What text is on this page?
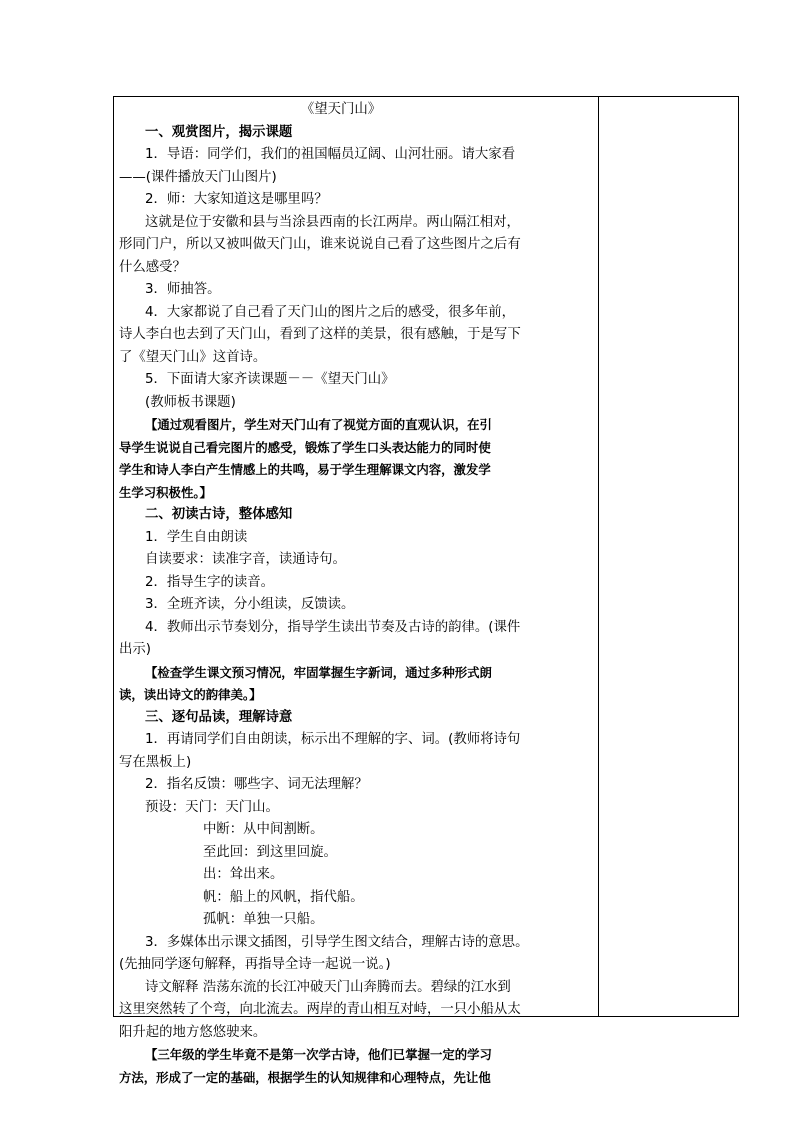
《望天门山》
一、观赏图片，揭示课题
1．导语：同学们，我们的祖国幅员辽阔、山河壮丽。请大家看
——(课件播放天门山图片)
2．师：大家知道这是哪里吗？
这就是位于安徽和县与当涂县西南的长江两岸。两山隔江相对，
形同门户，所以又被叫做天门山，谁来说说自己看了这些图片之后有
什么感受？
3．师抽答。
4．大家都说了自己看了天门山的图片之后的感受，很多年前，
诗人李白也去到了天门山，看到了这样的美景，很有感触，于是写下
了《望天门山》这首诗。
5．下面请大家齐读课题－－《望天门山》
(教师板书课题)
【通过观看图片，学生对天门山有了视觉方面的直观认识，在引
导学生说说自己看完图片的感受，锻炼了学生口头表达能力的同时使
学生和诗人李白产生情感上的共鸣，易于学生理解课文内容，激发学
生学习积极性。】
二、初读古诗，整体感知
1．学生自由朗读
自读要求：读准字音，读通诗句。
2．指导生字的读音。
3．全班齐读，分小组读，反馈读。
4．教师出示节奏划分，指导学生读出节奏及古诗的韵律。(课件
出示)
【检查学生课文预习情况，牢固掌握生字新词，通过多种形式朗
读，读出诗文的韵律美。】
三、逐句品读，理解诗意
1．再请同学们自由朗读，标示出不理解的字、词。(教师将诗句
写在黑板上)
2．指名反馈：哪些字、词无法理解？
预设：天门：天门山。
中断：从中间割断。
至此回：到这里回旋。
出：耸出来。
帆：船上的风帆，指代船。
孤帆：单独一只船。
3．多媒体出示课文插图，引导学生图文结合，理解古诗的意思。
(先抽同学逐句解释，再指导全诗一起说一说。)
诗文解释 浩荡东流的长江冲破天门山奔腾而去。碧绿的江水到
这里突然转了个弯，向北流去。两岸的青山相互对峙，一只小船从太
阳升起的地方悠悠驶来。
【三年级的学生毕竟不是第一次学古诗，他们已掌握一定的学习
方法，形成了一定的基础，根据学生的认知规律和心理特点，先让他
